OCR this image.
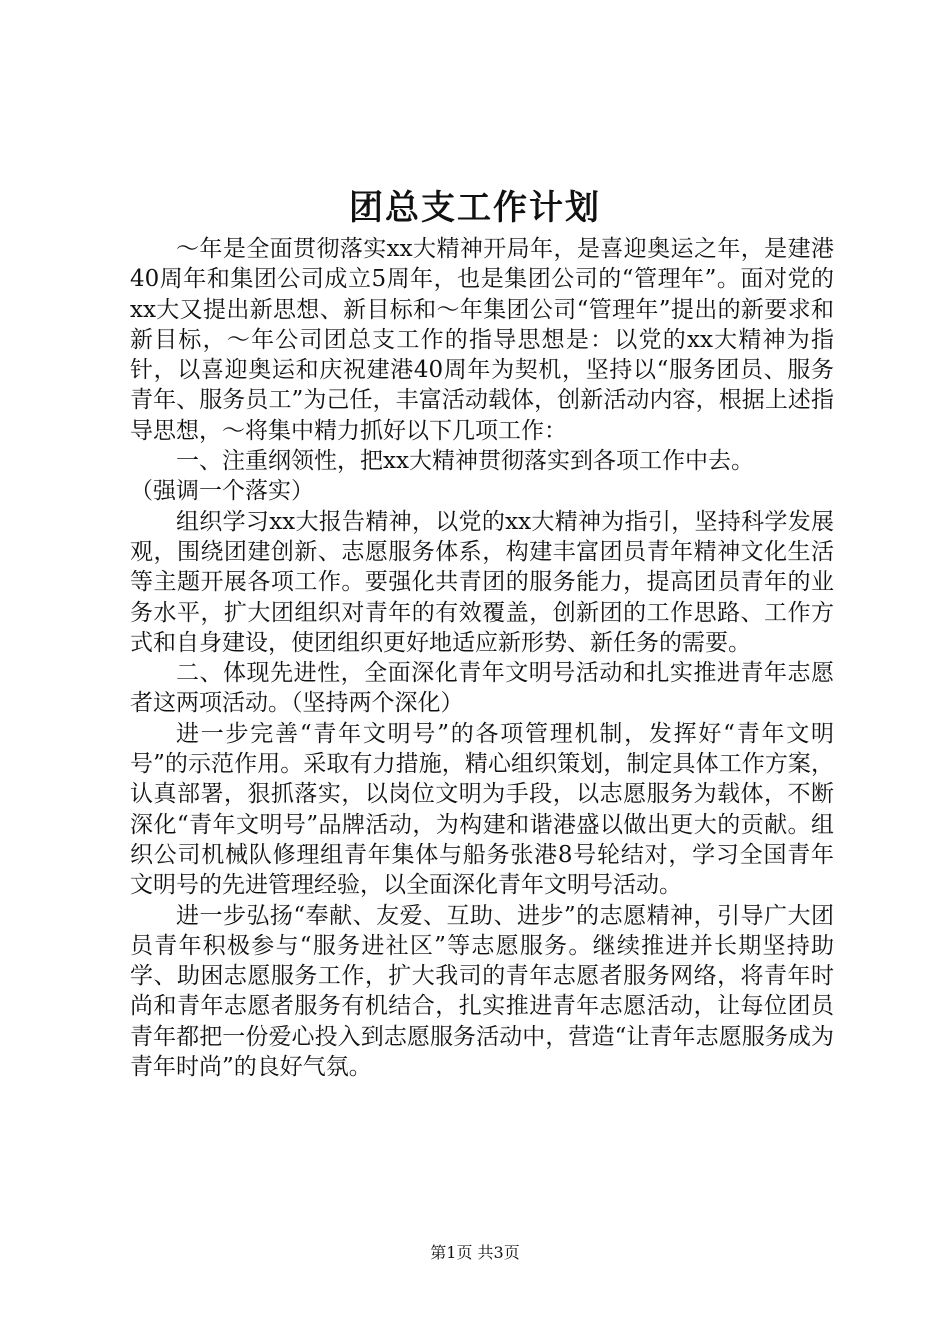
团总支工作计划

～年是全面贯彻落实xx大精神开局年，是喜迎奥运之年，是建港40周年和集团公司成立5周年，也是集团公司的“管理年”。面对党的xx大又提出新思想、新目标和～年集团公司“管理年”提出的新要求和新目标，～年公司团总支工作的指导思想是：以党的xx大精神为指针，以喜迎奥运和庆祝建港40周年为契机，坚持以“服务团员、服务青年、服务员工”为己任，丰富活动载体，创新活动内容，根据上述指导思想，～将集中精力抓好以下几项工作：

一、注重纲领性，把xx大精神贯彻落实到各项工作中去。

（强调一个落实）

组织学习xx大报告精神，以党的xx大精神为指引，坚持科学发展观，围绕团建创新、志愿服务体系，构建丰富团员青年精神文化生活等主题开展各项工作。要强化共青团的服务能力，提高团员青年的业务水平，扩大团组织对青年的有效覆盖，创新团的工作思路、工作方式和自身建设，使团组织更好地适应新形势、新任务的需要。

二、体现先进性，全面深化青年文明号活动和扎实推进青年志愿者这两项活动。（坚持两个深化）

进一步完善“青年文明号”的各项管理机制，发挥好“青年文明号”的示范作用。采取有力措施，精心组织策划，制定具体工作方案，认真部署，狠抓落实，以岗位文明为手段，以志愿服务为载体，不断深化“青年文明号”品牌活动，为构建和谐港盛以做出更大的贡献。组织公司机械队修理组青年集体与船务张港8号轮结对，学习全国青年文明号的先进管理经验，以全面深化青年文明号活动。

进一步弘扬“奉献、友爱、互助、进步”的志愿精神，引导广大团员青年积极参与“服务进社区”等志愿服务。继续推进并长期坚持助学、助困志愿服务工作，扩大我司的青年志愿者服务网络，将青年时尚和青年志愿者服务有机结合，扎实推进青年志愿活动，让每位团员青年都把一份爱心投入到志愿服务活动中，营造“让青年志愿服务成为青年时尚”的良好气氛。

第1页 共3页
